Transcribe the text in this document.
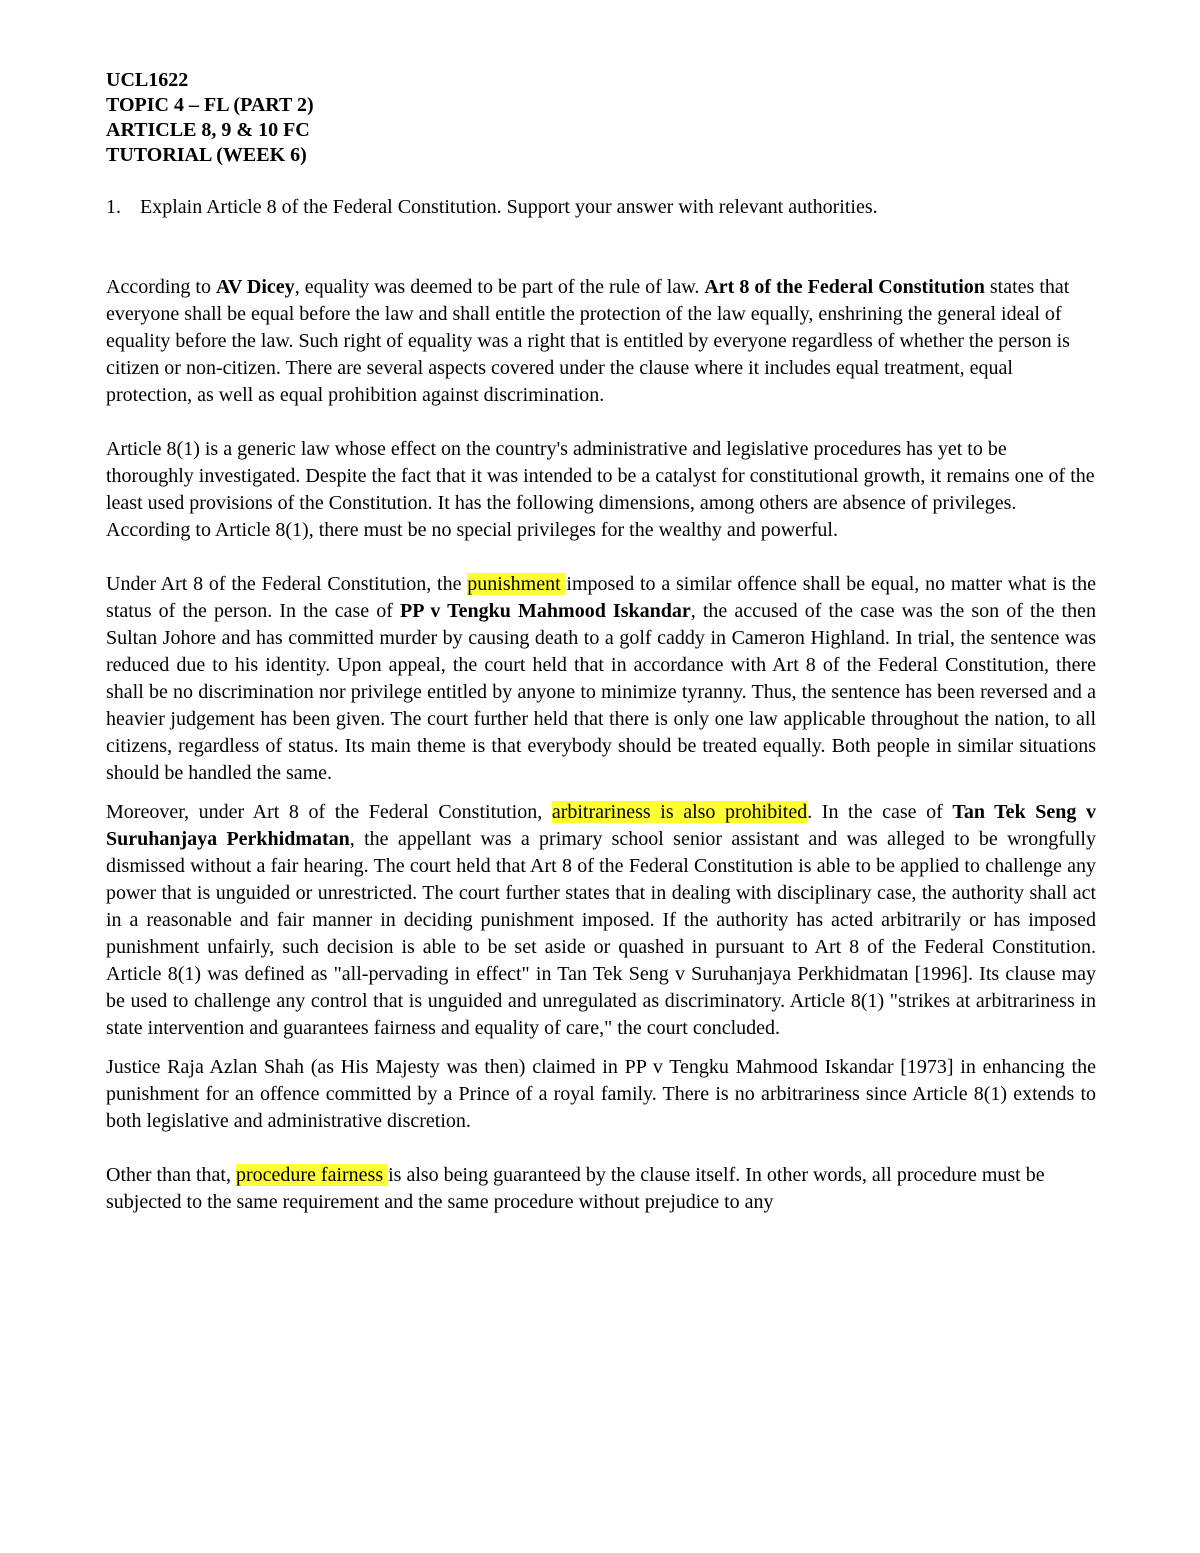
UCL1622
TOPIC 4 – FL (PART 2)
ARTICLE 8, 9 & 10 FC
TUTORIAL (WEEK 6)
1. Explain Article 8 of the Federal Constitution. Support your answer with relevant authorities.

According to AV Dicey, equality was deemed to be part of the rule of law. Art 8 of the Federal Constitution states that everyone shall be equal before the law and shall entitle the protection of the law equally, enshrining the general ideal of equality before the law. Such right of equality was a right that is entitled by everyone regardless of whether the person is citizen or non-citizen. There are several aspects covered under the clause where it includes equal treatment, equal protection, as well as equal prohibition against discrimination.

Article 8(1) is a generic law whose effect on the country's administrative and legislative procedures has yet to be thoroughly investigated. Despite the fact that it was intended to be a catalyst for constitutional growth, it remains one of the least used provisions of the Constitution. It has the following dimensions, among others are absence of privileges. According to Article 8(1), there must be no special privileges for the wealthy and powerful.

Under Art 8 of the Federal Constitution, the punishment imposed to a similar offence shall be equal, no matter what is the status of the person. In the case of PP v Tengku Mahmood Iskandar, the accused of the case was the son of the then Sultan Johore and has committed murder by causing death to a golf caddy in Cameron Highland. In trial, the sentence was reduced due to his identity. Upon appeal, the court held that in accordance with Art 8 of the Federal Constitution, there shall be no discrimination nor privilege entitled by anyone to minimize tyranny. Thus, the sentence has been reversed and a heavier judgement has been given. The court further held that there is only one law applicable throughout the nation, to all citizens, regardless of status. Its main theme is that everybody should be treated equally. Both people in similar situations should be handled the same.

Moreover, under Art 8 of the Federal Constitution, arbitrariness is also prohibited. In the case of Tan Tek Seng v Suruhanjaya Perkhidmatan, the appellant was a primary school senior assistant and was alleged to be wrongfully dismissed without a fair hearing. The court held that Art 8 of the Federal Constitution is able to be applied to challenge any power that is unguided or unrestricted. The court further states that in dealing with disciplinary case, the authority shall act in a reasonable and fair manner in deciding punishment imposed. If the authority has acted arbitrarily or has imposed punishment unfairly, such decision is able to be set aside or quashed in pursuant to Art 8 of the Federal Constitution. Article 8(1) was defined as "all-pervading in effect" in Tan Tek Seng v Suruhanjaya Perkhidmatan [1996]. Its clause may be used to challenge any control that is unguided and unregulated as discriminatory. Article 8(1) "strikes at arbitrariness in state intervention and guarantees fairness and equality of care," the court concluded.

Justice Raja Azlan Shah (as His Majesty was then) claimed in PP v Tengku Mahmood Iskandar [1973] in enhancing the punishment for an offence committed by a Prince of a royal family. There is no arbitrariness since Article 8(1) extends to both legislative and administrative discretion.

Other than that, procedure fairness is also being guaranteed by the clause itself. In other words, all procedure must be subjected to the same requirement and the same procedure without prejudice to any
